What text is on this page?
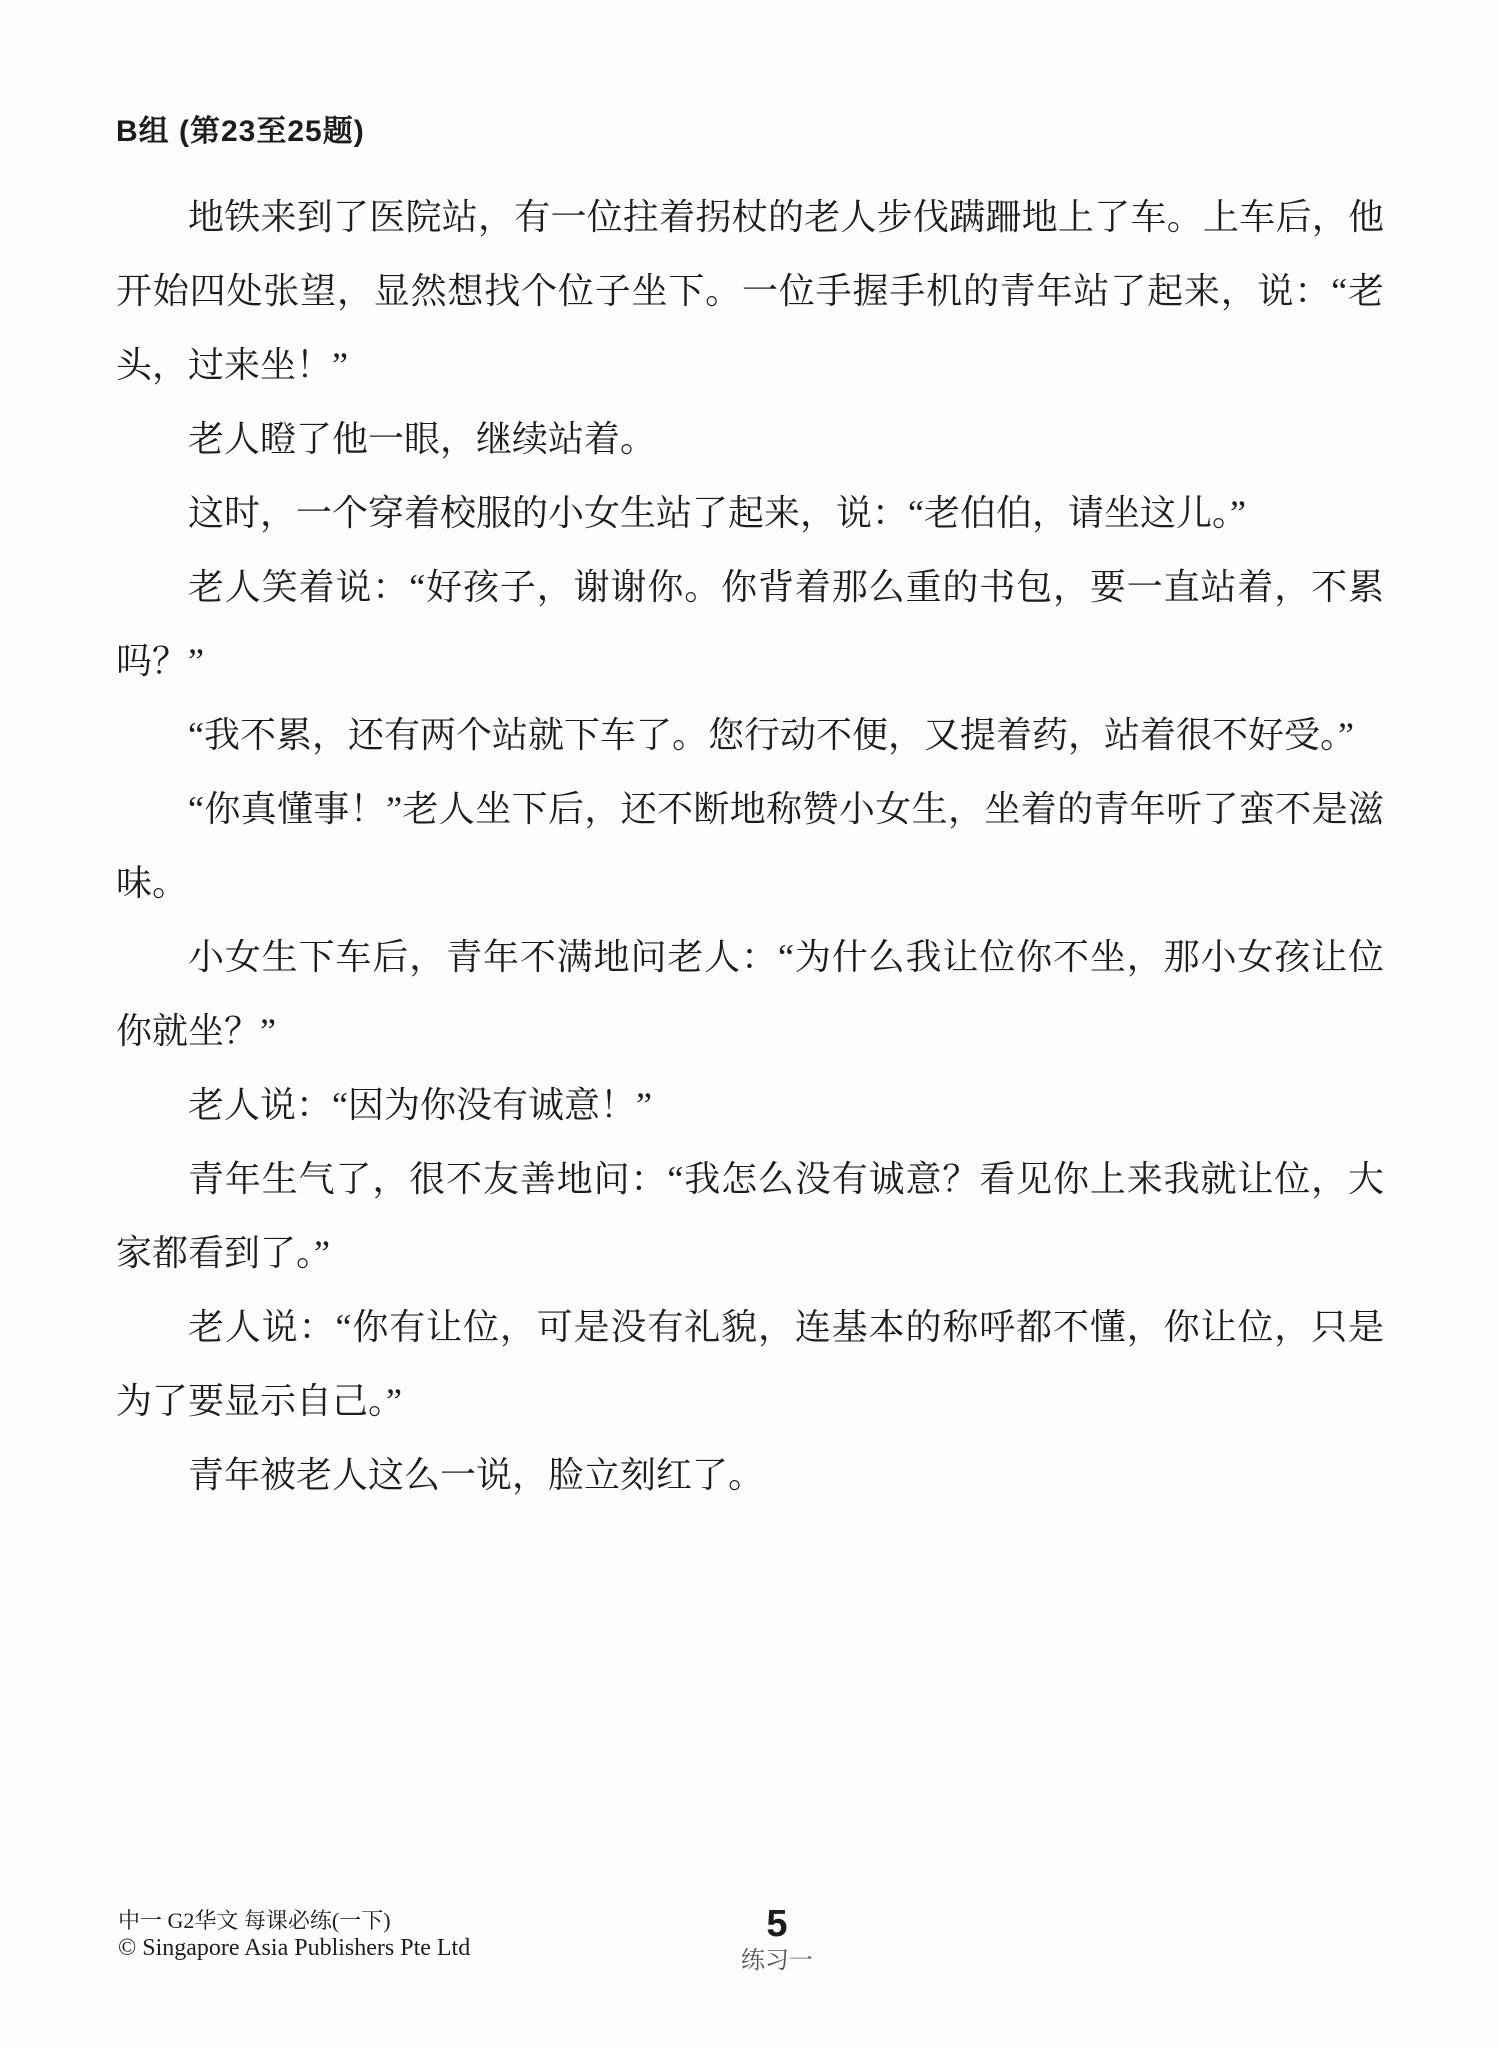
B组 (第23至25题)

地铁来到了医院站，有一位拄着拐杖的老人步伐蹒跚地上了车。上车后，他开始四处张望，显然想找个位子坐下。一位手握手机的青年站了起来，说：“老头，过来坐！”

老人瞪了他一眼，继续站着。

这时，一个穿着校服的小女生站了起来，说：“老伯伯，请坐这儿。”

老人笑着说：“好孩子，谢谢你。你背着那么重的书包，要一直站着，不累吗？”

“我不累，还有两个站就下车了。您行动不便，又提着药，站着很不好受。”

“你真懂事！”老人坐下后，还不断地称赞小女生，坐着的青年听了蛮不是滋味。

小女生下车后，青年不满地问老人：“为什么我让位你不坐，那小女孩让位你就坐？”

老人说：“因为你没有诚意！”

青年生气了，很不友善地问：“我怎么没有诚意？看见你上来我就让位，大家都看到了。”

老人说：“你有让位，可是没有礼貌，连基本的称呼都不懂，你让位，只是为了要显示自己。”

青年被老人这么一说，脸立刻红了。

中一 G2华文 每课必练(一下)
© Singapore Asia Publishers Pte Ltd
5
练习一
